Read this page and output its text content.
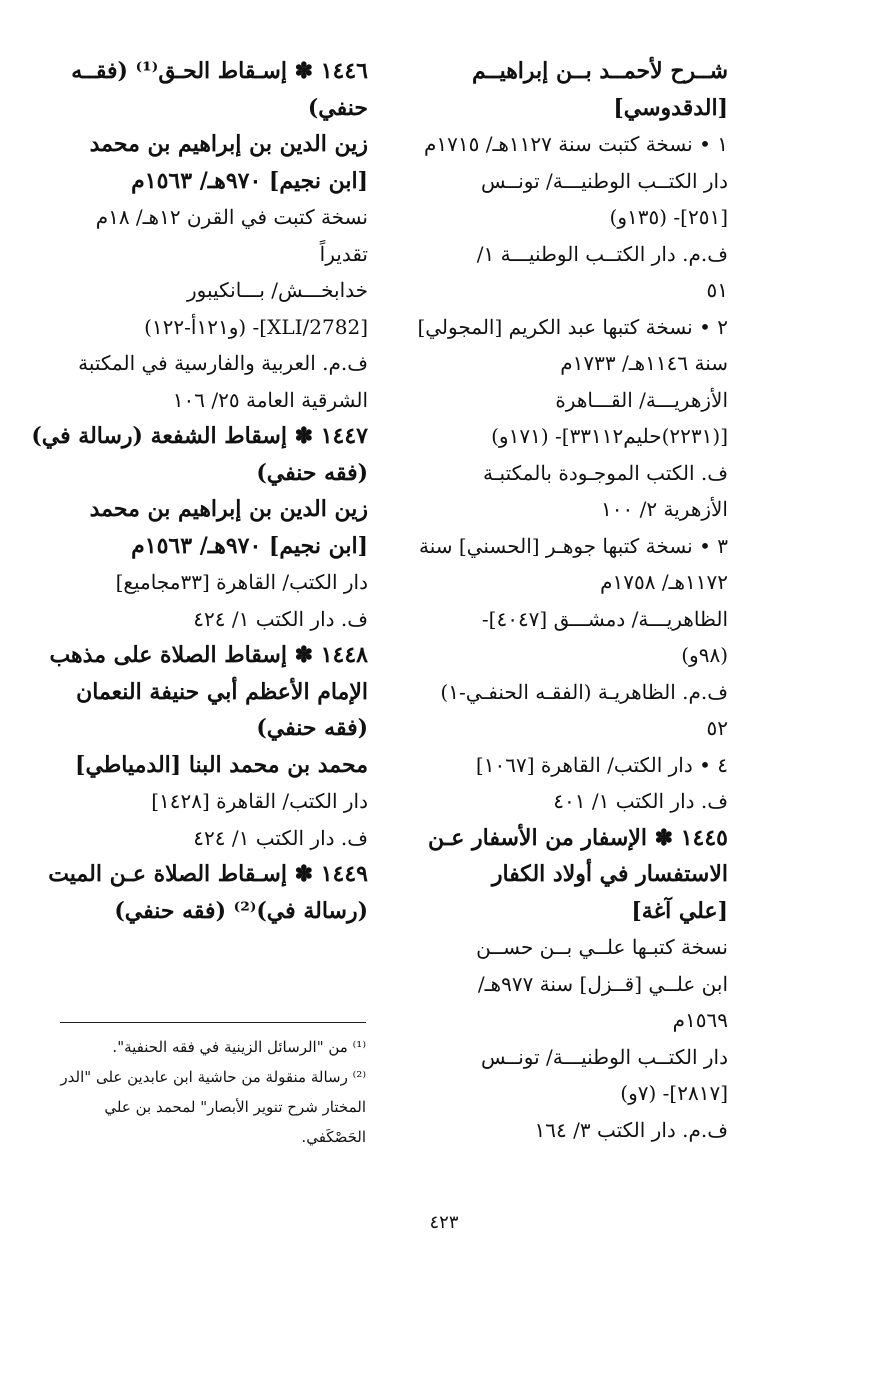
شــرح لأحمــد بــن إبراهيــم
[الدقدوسي]
١ • نسخة كتبت سنة ١١٢٧هـ/ ١٧١٥م
دار الكتــب الوطنيـــة/ تونــس
[٢٥١]- (١٣٥و)
ف.م. دار الكتــب الوطنيـــة ١/
٥١
٢ • نسخة كتبها عبد الكريم [المجولي]
سنة ١١٤٦هـ/ ١٧٣٣م
الأزهريـــة/ القـــاهرة
[(٢٢٣١)حليم٣٣١١٢]- (١٧١و)
ف. الكتب الموجـودة بالمكتبـة
الأزهرية ٢/ ١٠٠
٣ • نسخة كتبها جوهـر [الحسني] سنة
١١٧٢هـ/ ١٧٥٨م
الظاهريـــة/ دمشـــق [٤٠٤٧]-
(٩٨و)
ف.م. الظاهريـة (الفقـه الحنفـي-١)
٥٢
٤ • دار الكتب/ القاهرة [١٠٦٧]
ف. دار الكتب ١/ ٤٠١
١٤٤٥ ✽ الإسفار من الأسفار عـن
الاستفسار في أولاد الكفار
[علي آغة]
نسخة كتبـها علــي بــن حســن
ابن علــي [قــزل] سنة ٩٧٧هـ/
١٥٦٩م
دار الكتــب الوطنيـــة/ تونــس
[٢٨١٧]- (٧و)
ف.م. دار الكتب ٣/ ١٦٤
١٤٤٦ ✽ إسـقاط الحـق⁽¹⁾ (فقــه
حنفي)
زين الدين بن إبراهيم بن محمد
[ابن نجيم] ٩٧٠هـ/ ١٥٦٣م
نسخة كتبت في القرن ١٢هـ/ ١٨م
تقديراً
خدابخـــش/ بـــانكيبور
[2782/XLI]- (و١٢١أ-١٢٢)
ف.م. العربية والفارسية في المكتبة
الشرقية العامة ٢٥/ ١٠٦
١٤٤٧ ✽ إسقاط الشفعة (رسالة في)
(فقه حنفي)
زين الدين بن إبراهيم بن محمد
[ابن نجيم] ٩٧٠هـ/ ١٥٦٣م
دار الكتب/ القاهرة [٣٣مجاميع]
ف. دار الكتب ١/ ٤٢٤
١٤٤٨ ✽ إسقاط الصلاة على مذهب
الإمام الأعظم أبي حنيفة النعمان
(فقه حنفي)
محمد بن محمد البنا [الدمياطي]
دار الكتب/ القاهرة [١٤٢٨]
ف. دار الكتب ١/ ٤٢٤
١٤٤٩ ✽ إسـقاط الصلاة عـن الميت
(رسالة في)⁽²⁾ (فقه حنفي)
⁽¹⁾ من "الرسائل الزينية في فقه الحنفية".
⁽²⁾ رسالة منقولة من حاشية ابن عابدين على "الدر
المختار شرح تنوير الأبصار" لمحمد بن علي
الحَصْكَفي.
٤٢٣
